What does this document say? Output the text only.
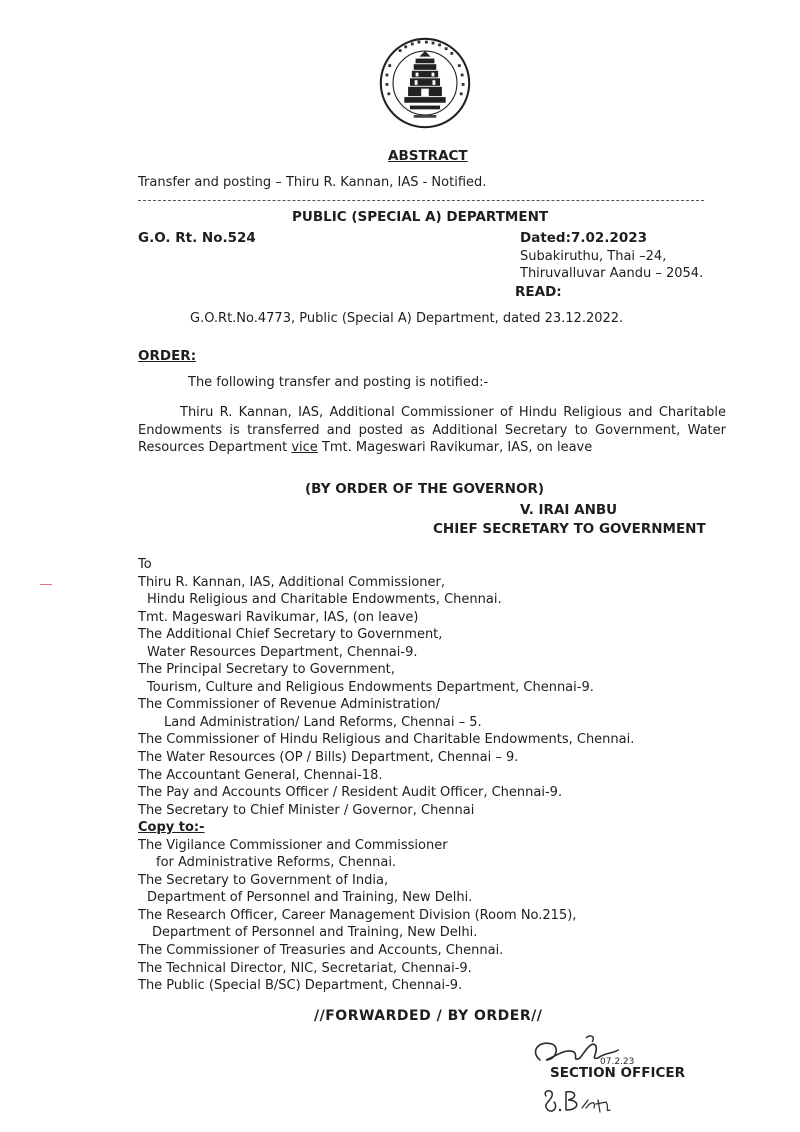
ABSTRACT
Transfer and posting – Thiru R. Kannan, IAS - Notified.
PUBLIC (SPECIAL A) DEPARTMENT
G.O. Rt. No.524	Dated:7.02.2023
Subakiruthu, Thai –24,
Thiruvalluvar Aandu – 2054.
READ:
G.O.Rt.No.4773, Public (Special A) Department, dated 23.12.2022.
ORDER:
The following transfer and posting is notified:-
Thiru R. Kannan, IAS, Additional Commissioner of Hindu Religious and Charitable Endowments is transferred and posted as Additional Secretary to Government, Water Resources Department vice Tmt. Mageswari Ravikumar, IAS, on leave
(BY ORDER OF THE GOVERNOR)
V. IRAI ANBU
CHIEF SECRETARY TO GOVERNMENT
To
Thiru R. Kannan, IAS, Additional Commissioner,
Hindu Religious and Charitable Endowments, Chennai.
Tmt. Mageswari Ravikumar, IAS, (on leave)
The Additional Chief Secretary to Government,
Water Resources Department, Chennai-9.
The Principal Secretary to Government,
Tourism, Culture and Religious Endowments Department, Chennai-9.
The Commissioner of Revenue Administration/
Land Administration/ Land Reforms, Chennai – 5.
The Commissioner of Hindu Religious and Charitable Endowments, Chennai.
The Water Resources (OP / Bills) Department, Chennai – 9.
The Accountant General, Chennai-18.
The Pay and Accounts Officer / Resident Audit Officer, Chennai-9.
The Secretary to Chief Minister / Governor, Chennai
Copy to:-
The Vigilance Commissioner and Commissioner
for Administrative Reforms, Chennai.
The Secretary to Government of India,
Department of Personnel and Training, New Delhi.
The Research Officer, Career Management Division (Room No.215),
Department of Personnel and Training, New Delhi.
The Commissioner of Treasuries and Accounts, Chennai.
The Technical Director, NIC, Secretariat, Chennai-9.
The Public (Special B/SC) Department, Chennai-9.
//FORWARDED / BY ORDER//
07.2.23
SECTION OFFICER
